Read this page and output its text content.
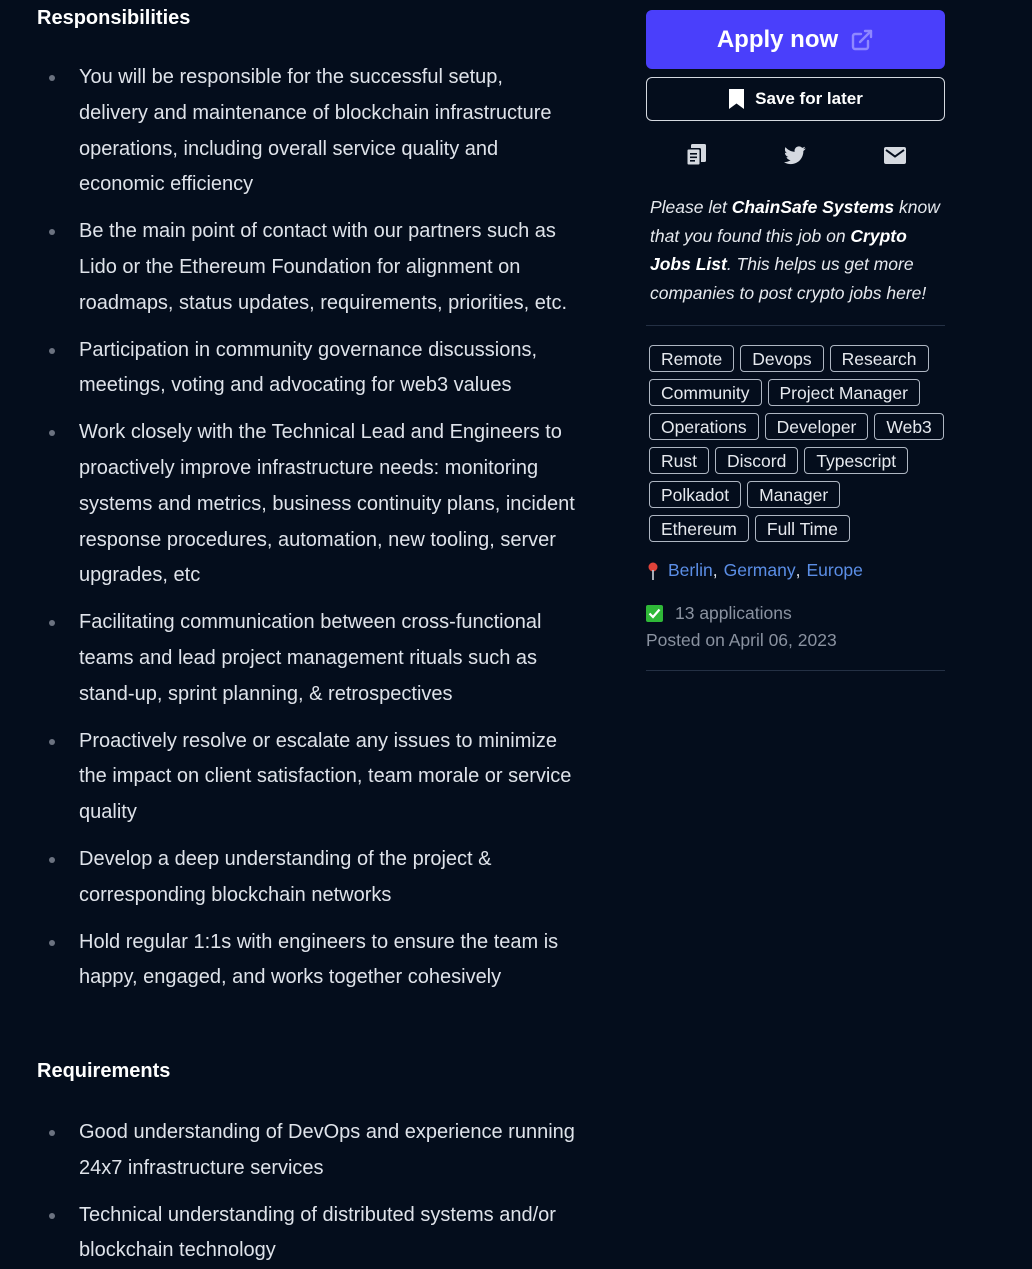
Responsibilities
You will be responsible for the successful setup, delivery and maintenance of blockchain infrastructure operations, including overall service quality and economic efficiency
Be the main point of contact with our partners such as Lido or the Ethereum Foundation for alignment on roadmaps, status updates, requirements, priorities, etc.
Participation in community governance discussions, meetings, voting and advocating for web3 values
Work closely with the Technical Lead and Engineers to proactively improve infrastructure needs: monitoring systems and metrics, business continuity plans, incident response procedures, automation, new tooling, server upgrades, etc
Facilitating communication between cross-functional teams and lead project management rituals such as stand-up, sprint planning, & retrospectives
Proactively resolve or escalate any issues to minimize the impact on client satisfaction, team morale or service quality
Develop a deep understanding of the project & corresponding blockchain networks
Hold regular 1:1s with engineers to ensure the team is happy, engaged, and works together cohesively
Requirements
Good understanding of DevOps and experience running 24x7 infrastructure services
Technical understanding of distributed systems and/or blockchain technology
Apply now
Save for later
Please let ChainSafe Systems know that you found this job on Crypto Jobs List. This helps us get more companies to post crypto jobs here!
Remote	Devops	Research
Community	Project Manager
Operations	Developer	Web3
Rust	Discord	Typescript
Polkadot	Manager
Ethereum	Full Time
Berlin , Germany , Europe
13 applications
Posted on April 06, 2023
